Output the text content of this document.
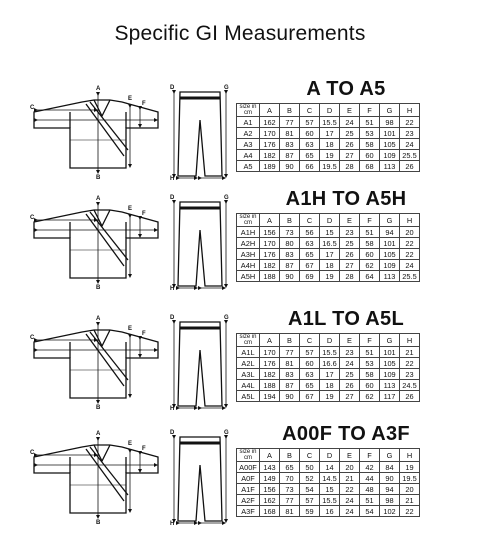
Specific GI Measurements
A
B
C
D
E
F
G
H
A TO A5
size in cm	A	B	C	D	E	F	G	H
A1	162	77	57	15.5	24	51	98	22
A2	170	81	60	17	25	53	101	23
A3	176	83	63	18	26	58	105	24
A4	182	87	65	19	27	60	109	25.5
A5	189	90	66	19.5	28	68	113	26
A
B
C
D
E
F
G
H
A1H TO A5H
size in cm	A	B	C	D	E	F	G	H
A1H	156	73	56	15	23	51	94	20
A2H	170	80	63	16.5	25	58	101	22
A3H	176	83	65	17	26	60	105	22
A4H	182	87	67	18	27	62	109	24
A5H	188	90	69	19	28	64	113	25.5
A
B
C
D
E
F
G
H
A1L TO A5L
size in cm	A	B	C	D	E	F	G	H
A1L	170	77	57	15.5	23	51	101	21
A2L	176	81	60	16.6	24	53	105	22
A3L	182	83	63	17	25	58	109	23
A4L	188	87	65	18	26	60	113	24.5
A5L	194	90	67	19	27	62	117	26
A
B
C
D
E
F
G
H
A00F TO A3F
size in cm	A	B	C	D	E	F	G	H
A00F	143	65	50	14	20	42	84	19
A0F	149	70	52	14.5	21	44	90	19.5
A1F	156	73	54	15	22	48	94	20
A2F	162	77	57	15.5	24	51	98	21
A3F	168	81	59	16	24	54	102	22
